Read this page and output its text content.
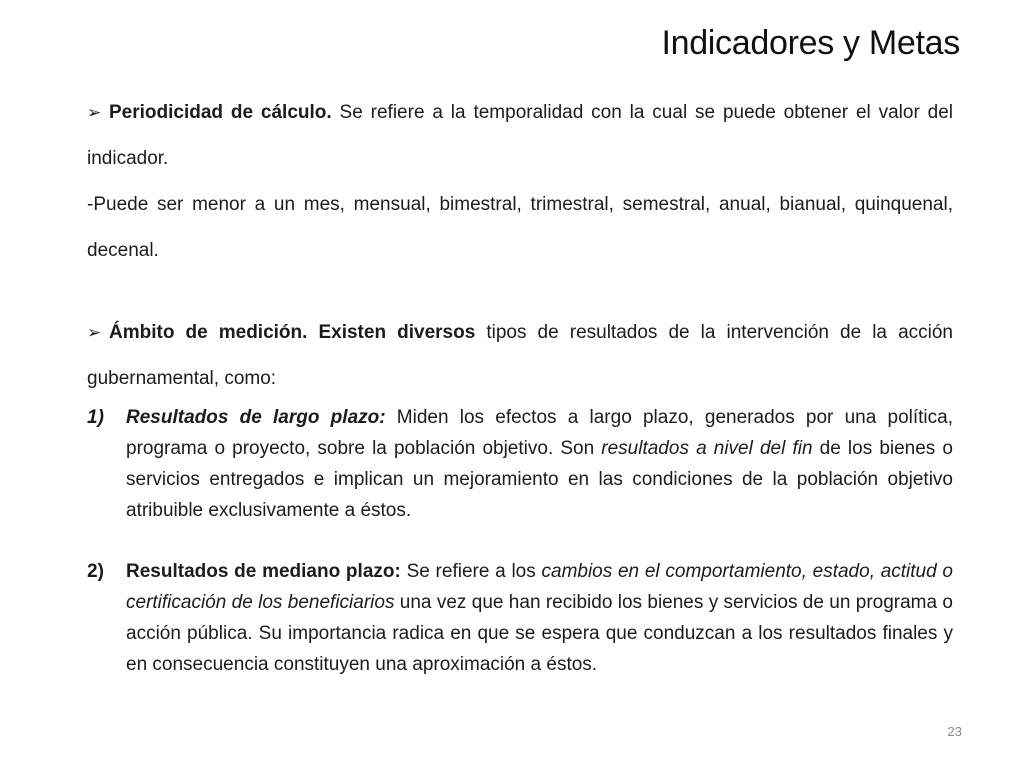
Indicadores y Metas

➢ Periodicidad de cálculo. Se refiere a la temporalidad con la cual se puede obtener el valor del indicador.

-Puede ser menor a un mes, mensual, bimestral, trimestral, semestral, anual, bianual, quinquenal, decenal.

➢ Ámbito de medición. Existen diversos tipos de resultados de la intervención de la acción gubernamental, como:

1)	Resultados de largo plazo: Miden los efectos a largo plazo, generados por una política, programa o proyecto, sobre la población objetivo. Son resultados a nivel del fin de los bienes o servicios entregados e implican un mejoramiento en las condiciones de la población objetivo atribuible exclusivamente a éstos.
2)	Resultados de mediano plazo: Se refiere a los cambios en el comportamiento, estado, actitud o certificación de los beneficiarios una vez que han recibido los bienes y servicios de un programa o acción pública. Su importancia radica en que se espera que conduzcan a los resultados finales y en consecuencia constituyen una aproximación a éstos.
23
